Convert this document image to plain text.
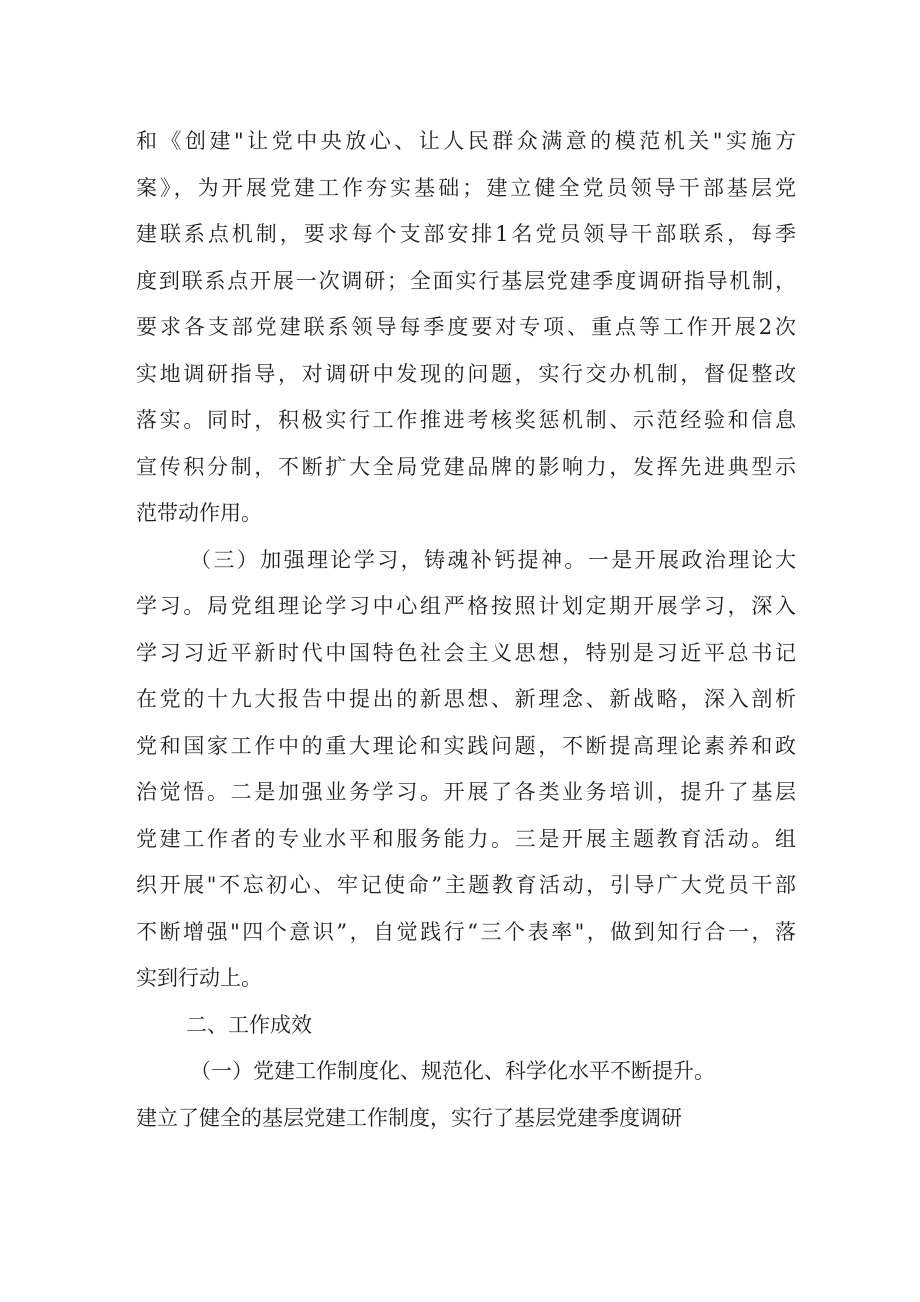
和《创建"让党中央放心、让人民群众满意的模范机关"实施方
案》，为开展党建工作夯实基础；建立健全党员领导干部基层党
建联系点机制，要求每个支部安排1名党员领导干部联系，每季
度到联系点开展一次调研；全面实行基层党建季度调研指导机制，
要求各支部党建联系领导每季度要对专项、重点等工作开展2次
实地调研指导，对调研中发现的问题，实行交办机制，督促整改
落实。同时，积极实行工作推进考核奖惩机制、示范经验和信息
宣传积分制，不断扩大全局党建品牌的影响力，发挥先进典型示
范带动作用。
（三）加强理论学习，铸魂补钙提神。一是开展政治理论大
学习。局党组理论学习中心组严格按照计划定期开展学习，深入
学习习近平新时代中国特色社会主义思想，特别是习近平总书记
在党的十九大报告中提出的新思想、新理念、新战略，深入剖析
党和国家工作中的重大理论和实践问题，不断提高理论素养和政
治觉悟。二是加强业务学习。开展了各类业务培训，提升了基层
党建工作者的专业水平和服务能力。三是开展主题教育活动。组
织开展"不忘初心、牢记使命”主题教育活动，引导广大党员干部
不断增强"四个意识”，自觉践行“三个表率"，做到知行合一，落
实到行动上。
二、工作成效
（一）党建工作制度化、规范化、科学化水平不断提升。
建立了健全的基层党建工作制度，实行了基层党建季度调研
